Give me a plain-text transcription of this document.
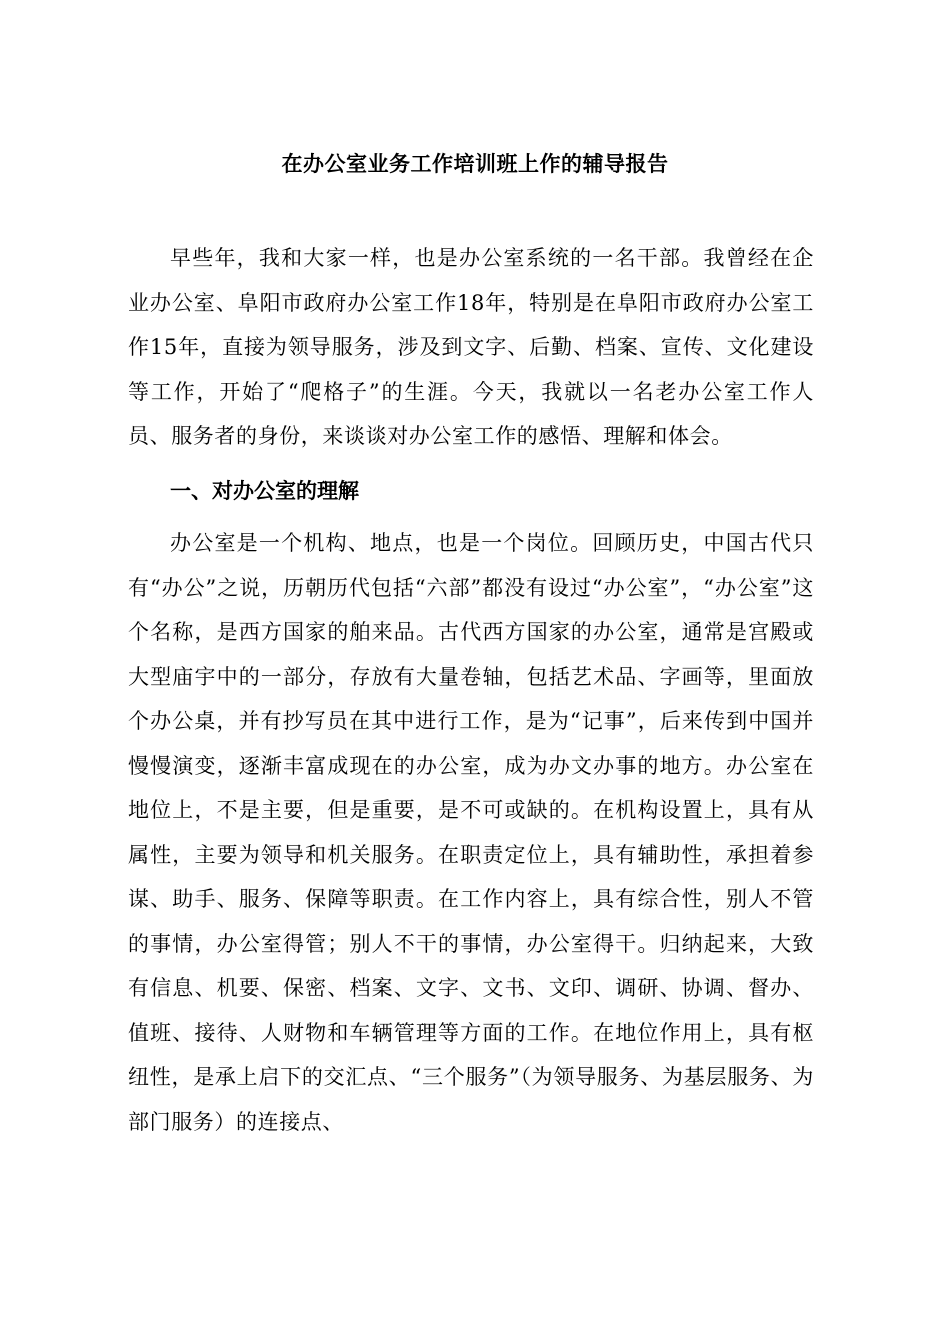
在办公室业务工作培训班上作的辅导报告

早些年，我和大家一样，也是办公室系统的一名干部。我曾经在企业办公室、阜阳市政府办公室工作18年，特别是在阜阳市政府办公室工作15年，直接为领导服务，涉及到文字、后勤、档案、宣传、文化建设等工作，开始了“爬格子”的生涯。今天，我就以一名老办公室工作人员、服务者的身份，来谈谈对办公室工作的感悟、理解和体会。

一、对办公室的理解

办公室是一个机构、地点，也是一个岗位。回顾历史，中国古代只有“办公”之说，历朝历代包括“六部”都没有设过“办公室”，“办公室”这个名称，是西方国家的舶来品。古代西方国家的办公室，通常是宫殿或大型庙宇中的一部分，存放有大量卷轴，包括艺术品、字画等，里面放个办公桌，并有抄写员在其中进行工作，是为“记事”，后来传到中国并慢慢演变，逐渐丰富成现在的办公室，成为办文办事的地方。办公室在地位上，不是主要，但是重要，是不可或缺的。在机构设置上，具有从属性，主要为领导和机关服务。在职责定位上，具有辅助性，承担着参谋、助手、服务、保障等职责。在工作内容上，具有综合性，别人不管的事情，办公室得管；别人不干的事情，办公室得干。归纳起来，大致有信息、机要、保密、档案、文字、文书、文印、调研、协调、督办、值班、接待、人财物和车辆管理等方面的工作。在地位作用上，具有枢纽性，是承上启下的交汇点、“三个服务”（为领导服务、为基层服务、为部门服务）的连接点、
